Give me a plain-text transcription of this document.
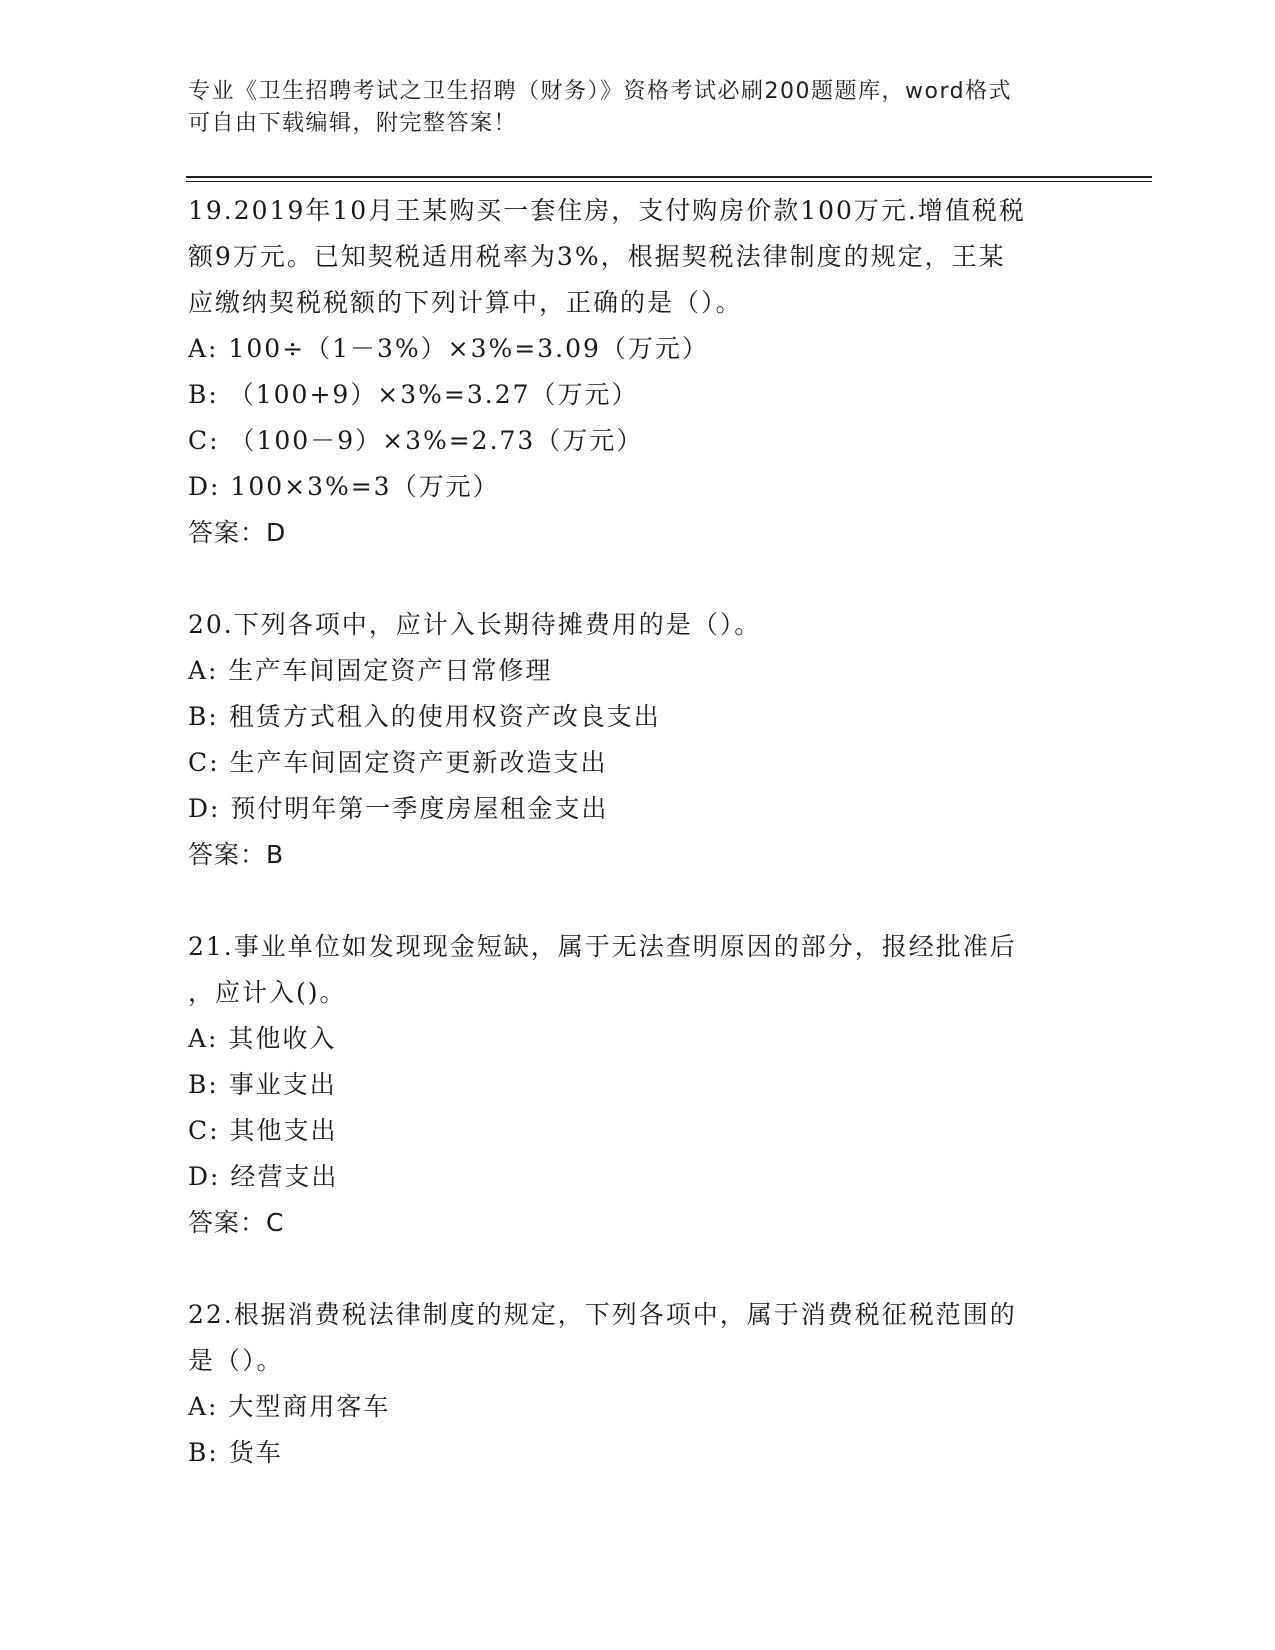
专业《卫生招聘考试之卫生招聘（财务）》资格考试必刷200题题库，word格式
可自由下载编辑，附完整答案！
19.2019年10月王某购买一套住房，支付购房价款100万元.增值税税
额9万元。已知契税适用税率为3%，根据契税法律制度的规定，王某
应缴纳契税税额的下列计算中，正确的是（）。
A: 100÷（1－3%）×3%=3.09（万元）
B: （100+9）×3%=3.27（万元）
C: （100－9）×3%=2.73（万元）
D: 100×3%=3（万元）
答案：D
20.下列各项中，应计入长期待摊费用的是（）。
A: 生产车间固定资产日常修理
B: 租赁方式租入的使用权资产改良支出
C: 生产车间固定资产更新改造支出
D: 预付明年第一季度房屋租金支出
答案：B
21.事业单位如发现现金短缺，属于无法查明原因的部分，报经批准后
，应计入()。
A: 其他收入
B: 事业支出
C: 其他支出
D: 经营支出
答案：C
22.根据消费税法律制度的规定，下列各项中，属于消费税征税范围的
是（）。
A: 大型商用客车
B: 货车
